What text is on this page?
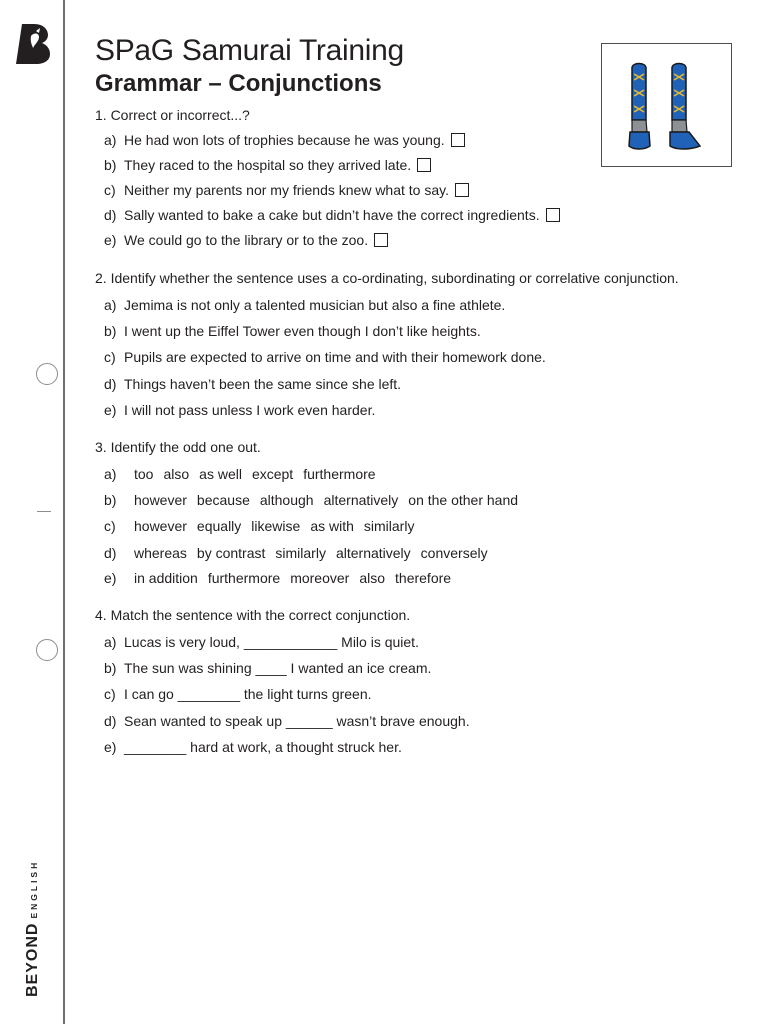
BEYOND
ENGLISH
SPaG Samurai Training
Grammar – Conjunctions
1. Correct or incorrect...?
a) He had won lots of trophies because he was young.
b) They raced to the hospital so they arrived late.
c) Neither my parents nor my friends knew what to say.
d) Sally wanted to bake a cake but didn’t have the correct ingredients.
e) We could go to the library or to the zoo.
2. Identify whether the sentence uses a co-ordinating, subordinating or correlative conjunction.
a) Jemima is not only a talented musician but also a fine athlete.
b) I went up the Eiffel Tower even though I don’t like heights.
c) Pupils are expected to arrive on time and with their homework done.
d) Things haven’t been the same since she left.
e) I will not pass unless I work even harder.
3. Identify the odd one out.
a)	too also as well except furthermore
b)	however because although alternatively on the other hand
c)	however equally likewise as with similarly
d)	whereas by contrast similarly alternatively conversely
e)	in addition furthermore moreover also therefore
4. Match the sentence with the correct conjunction.
a) Lucas is very loud, ____________ Milo is quiet.
b) The sun was shining ____ I wanted an ice cream.
c) I can go ________ the light turns green.
d) Sean wanted to speak up ______ wasn’t brave enough.
e) ________ hard at work, a thought struck her.
